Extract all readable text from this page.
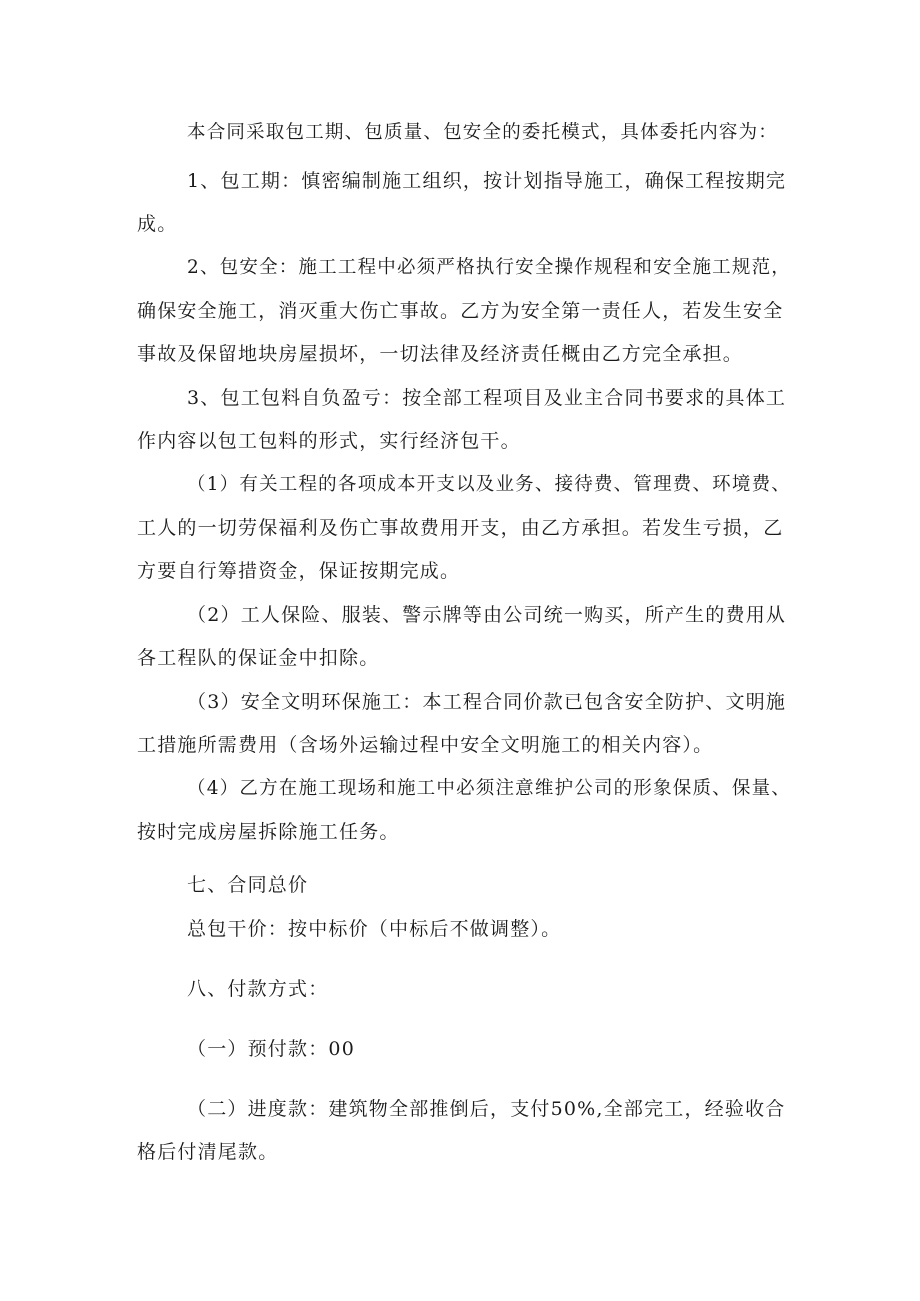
本合同采取包工期、包质量、包安全的委托模式，具体委托内容为：
1、包工期：慎密编制施工组织，按计划指导施工，确保工程按期完
成。
2、包安全：施工工程中必须严格执行安全操作规程和安全施工规范，
确保安全施工，消灭重大伤亡事故。乙方为安全第一责任人，若发生安全
事故及保留地块房屋损坏，一切法律及经济责任概由乙方完全承担。
3、包工包料自负盈亏：按全部工程项目及业主合同书要求的具体工
作内容以包工包料的形式，实行经济包干。
（1）有关工程的各项成本开支以及业务、接待费、管理费、环境费、
工人的一切劳保福利及伤亡事故费用开支，由乙方承担。若发生亏损，乙
方要自行筹措资金，保证按期完成。
（2）工人保险、服装、警示牌等由公司统一购买，所产生的费用从
各工程队的保证金中扣除。
（3）安全文明环保施工：本工程合同价款已包含安全防护、文明施
工措施所需费用（含场外运输过程中安全文明施工的相关内容）。
（4）乙方在施工现场和施工中必须注意维护公司的形象保质、保量、
按时完成房屋拆除施工任务。
七、合同总价
总包干价：按中标价（中标后不做调整）。
八、付款方式：
（一）预付款：00
（二）进度款：建筑物全部推倒后，支付50%,全部完工，经验收合
格后付清尾款。
